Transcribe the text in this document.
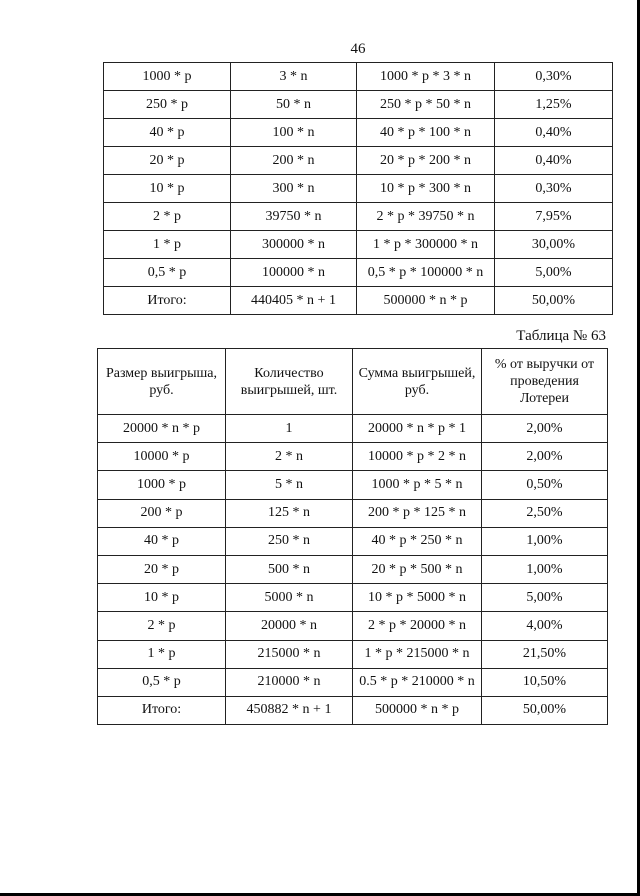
46
1000 * р	3 * n	1000 * р * 3 * n	0,30%
250 * р	50 * n	250 * р * 50 * n	1,25%
40 * р	100 * n	40 * р * 100 * n	0,40%
20 * р	200 * n	20 * р * 200 * n	0,40%
10 * р	300 * n	10 * р * 300 * n	0,30%
2 * р	39750 * n	2 * р * 39750 * n	7,95%
1 * р	300000 * n	1 * р * 300000 * n	30,00%
0,5 * р	100000 * n	0,5 * р * 100000 * n	5,00%
Итого:	440405 * n + 1	500000 * n * р	50,00%
Таблица № 63
Размер выигрыша, руб.	Количество выигрышей, шт.	Сумма выигрышей, руб.	% от выручки от проведения Лотереи
20000 * n * р	1	20000 * n * р * 1	2,00%
10000 * р	2 * n	10000 * р * 2 * n	2,00%
1000 * р	5 * n	1000 * р * 5 * n	0,50%
200 * р	125 * n	200 * р * 125 * n	2,50%
40 * р	250 * n	40 * р * 250 * n	1,00%
20 * р	500 * n	20 * р * 500 * n	1,00%
10 * р	5000 * n	10 * р * 5000 * n	5,00%
2 * р	20000 * n	2 * р * 20000 * n	4,00%
1 * р	215000 * n	1 * р * 215000 * n	21,50%
0,5 * р	210000 * n	0.5 * р * 210000 * n	10,50%
Итого:	450882 * n + 1	500000 * n * р	50,00%
